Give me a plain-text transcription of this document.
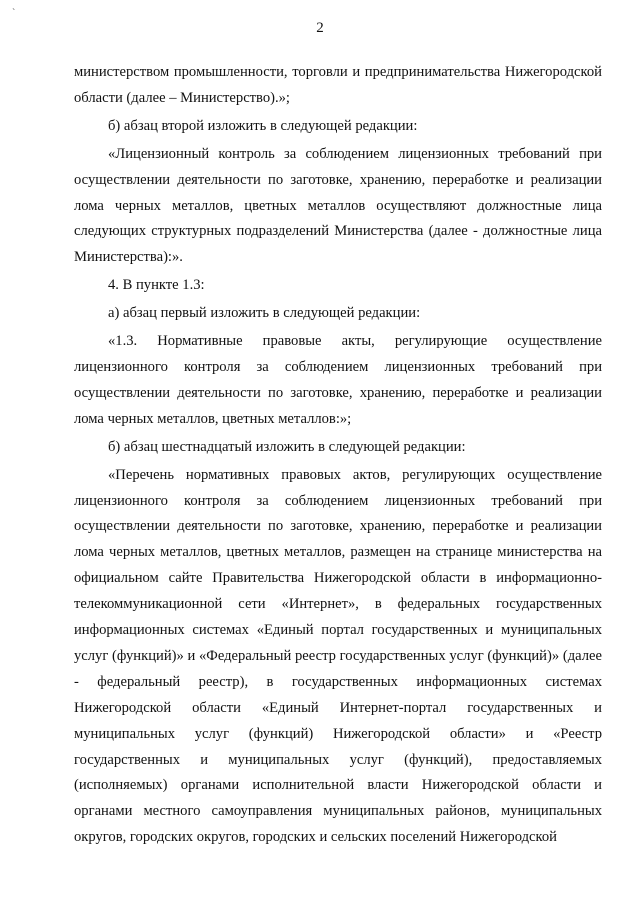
`
2

министерством промышленности, торговли и предпринимательства Нижегородской области (далее – Министерство).»;

б) абзац второй изложить в следующей редакции:

«Лицензионный контроль за соблюдением лицензионных требований при осуществлении деятельности по заготовке, хранению, переработке и реализации лома черных металлов, цветных металлов осуществляют должностные лица следующих структурных подразделений Министерства (далее - должностные лица Министерства):».

4. В пункте 1.3:

а) абзац первый изложить в следующей редакции:

«1.3. Нормативные правовые акты, регулирующие осуществление лицензионного контроля за соблюдением лицензионных требований при осуществлении деятельности по заготовке, хранению, переработке и реализации лома черных металлов, цветных металлов:»;

б) абзац шестнадцатый изложить в следующей редакции:

«Перечень нормативных правовых актов, регулирующих осуществление лицензионного контроля за соблюдением лицензионных требований при осуществлении деятельности по заготовке, хранению, переработке и реализации лома черных металлов, цветных металлов, размещен на странице министерства на официальном сайте Правительства Нижегородской области в информационно-телекоммуникационной сети «Интернет», в федеральных государственных информационных системах «Единый портал государственных и муниципальных услуг (функций)» и «Федеральный реестр государственных услуг (функций)» (далее - федеральный реестр), в государственных информационных системах Нижегородской области «Единый Интернет-портал государственных и муниципальных услуг (функций) Нижегородской области» и «Реестр государственных и муниципальных услуг (функций), предоставляемых (исполняемых) органами исполнительной власти Нижегородской области и органами местного самоуправления муниципальных районов, муниципальных округов, городских округов, городских и сельских поселений Нижегородской
